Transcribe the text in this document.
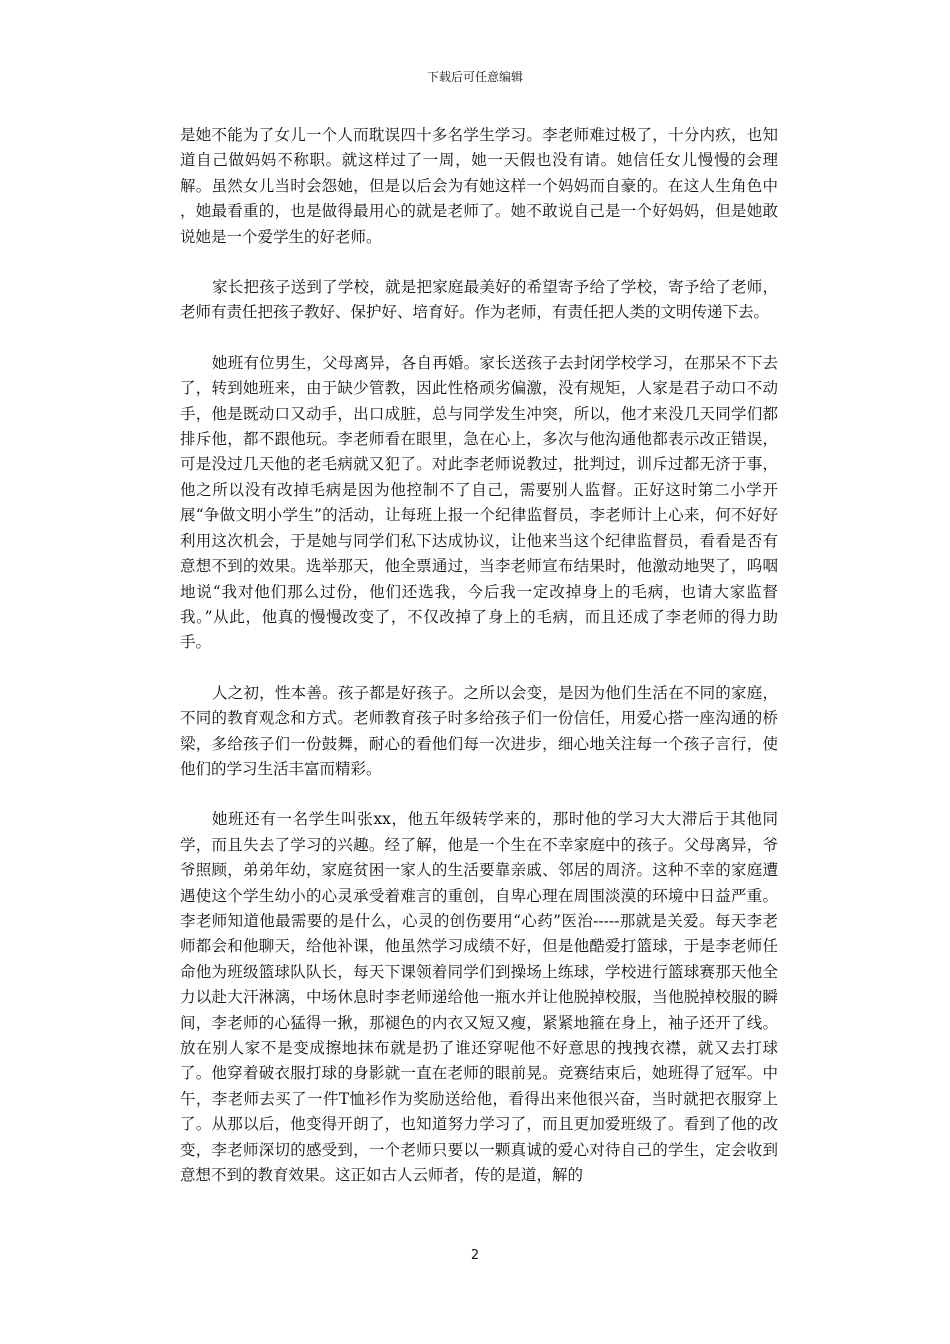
下载后可任意编辑

是她不能为了女儿一个人而耽误四十多名学生学习。李老师难过极了，十分内疚，也知道自己做妈妈不称职。就这样过了一周，她一天假也没有请。她信任女儿慢慢的会理解。虽然女儿当时会怨她，但是以后会为有她这样一个妈妈而自豪的。在这人生角色中 ，她最看重的，也是做得最用心的就是老师了。她不敢说自己是一个好妈妈，但是她敢说她是一个爱学生的好老师。

家长把孩子送到了学校，就是把家庭最美好的希望寄予给了学校，寄予给了老师，老师有责任把孩子教好、保护好、培育好。作为老师，有责任把人类的文明传递下去。

她班有位男生，父母离异，各自再婚。家长送孩子去封闭学校学习，在那呆不下去了，转到她班来，由于缺少管教，因此性格顽劣偏激，没有规矩，人家是君子动口不动手，他是既动口又动手，出口成脏，总与同学发生冲突，所以，他才来没几天同学们都排斥他，都不跟他玩。李老师看在眼里，急在心上，多次与他沟通他都表示改正错误，可是没过几天他的老毛病就又犯了。对此李老师说教过，批判过，训斥过都无济于事，他之所以没有改掉毛病是因为他控制不了自己，需要别人监督。正好这时第二小学开展“争做文明小学生”的活动，让每班上报一个纪律监督员，李老师计上心来，何不好好利用这次机会，于是她与同学们私下达成协议，让他来当这个纪律监督员，看看是否有意想不到的效果。选举那天，他全票通过，当李老师宣布结果时，他激动地哭了，呜咽地说“我对他们那么过份，他们还选我，今后我一定改掉身上的毛病，也请大家监督我。”从此，他真的慢慢改变了，不仅改掉了身上的毛病，而且还成了李老师的得力助手。

人之初，性本善。孩子都是好孩子。之所以会变，是因为他们生活在不同的家庭，不同的教育观念和方式。老师教育孩子时多给孩子们一份信任，用爱心搭一座沟通的桥梁，多给孩子们一份鼓舞，耐心的看他们每一次进步，细心地关注每一个孩子言行，使他们的学习生活丰富而精彩。

她班还有一名学生叫张xx，他五年级转学来的，那时他的学习大大滞后于其他同学，而且失去了学习的兴趣。经了解，他是一个生在不幸家庭中的孩子。父母离异，爷爷照顾，弟弟年幼，家庭贫困一家人的生活要靠亲戚、邻居的周济。这种不幸的家庭遭遇使这个学生幼小的心灵承受着难言的重创，自卑心理在周围淡漠的环境中日益严重。李老师知道他最需要的是什么，心灵的创伤要用“心药”医治-----那就是关爱。每天李老师都会和他聊天，给他补课，他虽然学习成绩不好，但是他酷爱打篮球，于是李老师任命他为班级篮球队队长，每天下课领着同学们到操场上练球，学校进行篮球赛那天他全力以赴大汗淋漓，中场休息时李老师递给他一瓶水并让他脱掉校服，当他脱掉校服的瞬间，李老师的心猛得一揪，那褪色的内衣又短又瘦，紧紧地箍在身上，袖子还开了线。放在别人家不是变成擦地抹布就是扔了谁还穿呢他不好意思的拽拽衣襟，就又去打球了。他穿着破衣服打球的身影就一直在老师的眼前晃。竞赛结束后，她班得了冠军。中午，李老师去买了一件T恤衫作为奖励送给他，看得出来他很兴奋，当时就把衣服穿上了。从那以后，他变得开朗了，也知道努力学习了，而且更加爱班级了。看到了他的改变，李老师深切的感受到，一个老师只要以一颗真诚的爱心对待自己的学生，定会收到意想不到的教育效果。这正如古人云师者，传的是道，解的

2
